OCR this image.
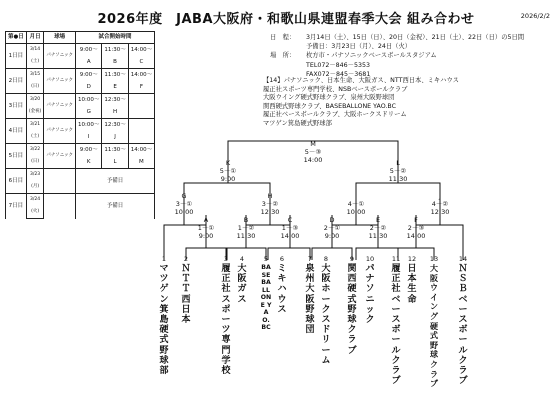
2026年度　JABA大阪府・和歌山県連盟春季大会 組み合わせ	2026/2/2
第●日	月日	球場	試合開始時間		
1日目	3/14	パナソニック	9:00～	11:30～	14:00～
	(土)		A	B	C
2日目	3/15	パナソニック	9:00～	11:30～	14:00～
	(日)		D	E	F
3日目	3/20	パナソニック	10:00～	12:30～	
	(金祝)		G	H	
4日目	3/21	パナソニック	10:00～	12:30～	
	(土)		I	J	
5日目	3/22	パナソニック	9:00～	11:30～	14:00～
	(日)		K	L	M
6日目	3/23		予備日		
	(月)				
7日目	3/24		予備日		
	(火)				
日　程： 3月14日（土）、15日（日）、20日（金祝）、21日（土）、22日（日）の5日間
予備日：3月23日（月）、24日（火）
場　所： 枚方市・パナソニックベースボールスタジアム
TEL072－846－5353
FAX072－845－3681
【14】パナソニック、日本生命、大阪ガス、NTT西日本、ミキハウス
履正社スポーツ専門学校、NSBベースボールクラブ
大阪ウイング硬式野球クラブ、泉州大阪野球団
関西硬式野球クラブ、BASEBALLONE YAO.BC
履正社ベースボールクラブ、大阪ホークスドリーム
マツゲン箕島硬式野球部
M
5－③
14:00
K
5－①
9:00
L
5－②
11:30
G
3－①
10:00
H
3－②
12:30
I
4－①
10:00
J
4－②
12:30
A
1－①
9:00
B
1－②
11:30
C
1－③
14:00
D
2－①
9:00
E
2－②
11:30
F
2－③
14:00
1
マツゲン箕島硬式野球部
2
ＮＴＴ西日本
3
履正社スポーツ専門学校
4
大阪ガス
5
BASEBALLONE YAO.BC
6
ミキハウス
7
泉州大阪野球団
8
大阪ホークスドリーム
9
関西硬式野球クラブ
10
パナソニック
11
履正社ベースボールクラブ
12
日本生命
13
大阪ウイング硬式野球クラブ
14
ＮＳＢベースボールクラブ
